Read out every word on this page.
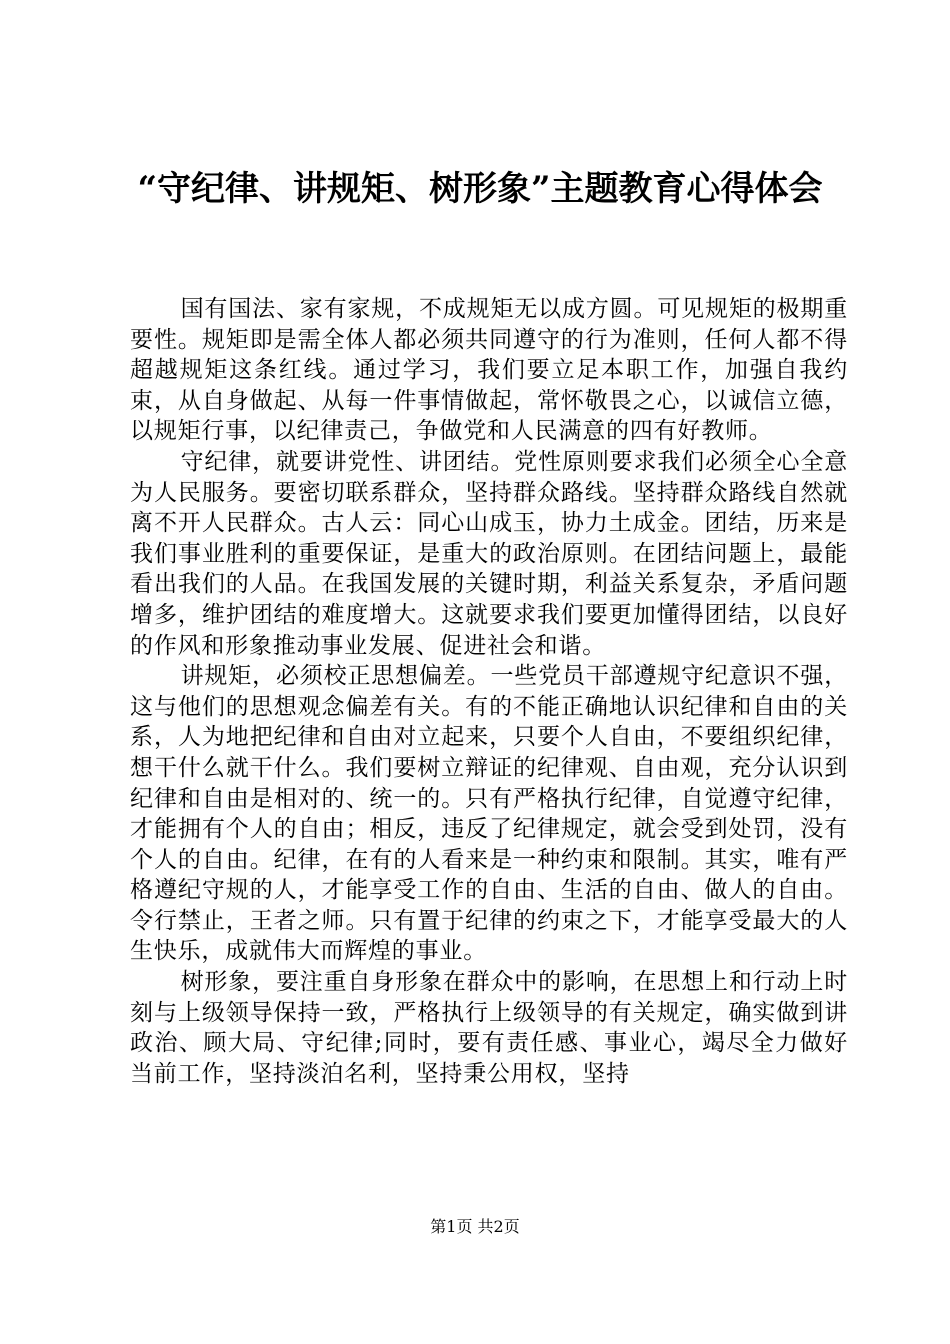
“守纪律、讲规矩、树形象”主题教育心得体会

国有国法、家有家规，不成规矩无以成方圆。可见规矩的极期重要性。规矩即是需全体人都必须共同遵守的行为准则，任何人都不得超越规矩这条红线。通过学习，我们要立足本职工作，加强自我约束，从自身做起、从每一件事情做起，常怀敬畏之心，以诚信立德，以规矩行事，以纪律责己，争做党和人民满意的四有好教师。

守纪律，就要讲党性、讲团结。党性原则要求我们必须全心全意为人民服务。要密切联系群众，坚持群众路线。坚持群众路线自然就离不开人民群众。古人云：同心山成玉，协力土成金。团结，历来是我们事业胜利的重要保证，是重大的政治原则。在团结问题上，最能看出我们的人品。在我国发展的关键时期，利益关系复杂，矛盾问题增多，维护团结的难度增大。这就要求我们要更加懂得团结，以良好的作风和形象推动事业发展、促进社会和谐。

讲规矩，必须校正思想偏差。一些党员干部遵规守纪意识不强，这与他们的思想观念偏差有关。有的不能正确地认识纪律和自由的关系，人为地把纪律和自由对立起来，只要个人自由，不要组织纪律，想干什么就干什么。我们要树立辩证的纪律观、自由观，充分认识到纪律和自由是相对的、统一的。只有严格执行纪律，自觉遵守纪律，才能拥有个人的自由；相反，违反了纪律规定，就会受到处罚，没有个人的自由。纪律，在有的人看来是一种约束和限制。其实，唯有严格遵纪守规的人，才能享受工作的自由、生活的自由、做人的自由。令行禁止，王者之师。只有置于纪律的约束之下，才能享受最大的人生快乐，成就伟大而辉煌的事业。

树形象，要注重自身形象在群众中的影响，在思想上和行动上时刻与上级领导保持一致，严格执行上级领导的有关规定，确实做到讲政治、顾大局、守纪律;同时，要有责任感、事业心，竭尽全力做好当前工作，坚持淡泊名利，坚持秉公用权，坚持

第1页 共2页
